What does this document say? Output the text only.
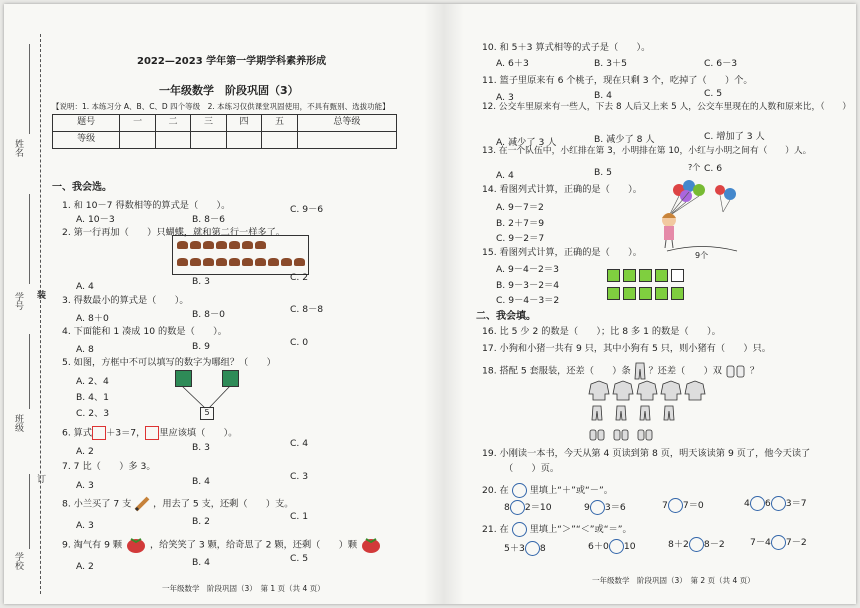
姓名
学号 装
班级
订
学校
2022—2023 学年第一学期学科素养形成
一年级数学　阶段巩固（3）
【说明：1. 本练习分 A、B、C、D 四个等级　2. 本练习仅供课堂巩固使用，不具有甄别、选拔功能】
题号	一	二	三	四	五	总等级
等级						
一、我会选。
1. 和 10－7 得数相等的算式是（　　）。
A. 10－3	B. 8－6
C. 9－6
2. 第一行再加（　　）只蝴蝶，就和第二行一样多了。
A. 4	B. 3	C. 2
3. 得数最小的算式是（　　）。
A. 8＋0	B. 8－0	C. 8－8
4. 下面能和 1 凑成 10 的数是（　　）。
A. 8	B. 9	C. 0
5. 如图，方框中不可以填写的数字为哪组？（　　）
A. 2、4
B. 4、1
C. 2、3	5
6. 算式 ＋3＝7， 里应该填（　　）。
A. 2	B. 3	C. 4
7. 7 比（　　）多 3。
A. 3	B. 4	C. 3
8. 小兰买了 7 支 ，用去了 5 支，还剩（　　）支。
A. 3	B. 2	C. 1
9. 淘气有 9 颗	，给笑笑了 3 颗，给奇思了 2 颗，还剩（　　）颗
A. 2	B. 4	C. 5
一年级数学　阶段巩固（3）　第 1 页（共 4 页）
10. 和 5＋3 算式相等的式子是（　　）。
A. 6＋3	B. 3＋5	C. 6－3
11. 篮子里原来有 6 个桃子，现在只剩 3 个，吃掉了（　　）个。
A. 3	B. 4	C. 5
12. 公交车里原来有一些人，下去 8 人后又上来 5 人，公交车里现在的人数和原来比，（　　）
A. 减少了 3 人	B. 减少了 8 人	C. 增加了 3 人
13. 在一个队伍中，小红排在第 3，小明排在第 10，小红与小明之间有（　　）人。
A. 4	B. 5	C. 6
14. 看图列式计算，正确的是（　　）。
A. 9－7＝2
B. 2＋7＝9
C. 9－2＝7
?个
9个
15. 看图列式计算，正确的是（　　）。
A. 9－4－2＝3
B. 9－3－2＝4
C. 9－4－3＝2
二、我会填。
16. 比 5 少 2 的数是（　　）；比 8 多 1 的数是（　　）。
17. 小狗和小猪一共有 9 只，其中小狗有 5 只，则小猪有（　　）只。
18. 搭配 5 套服装，还差（　　）条 ？还差（　　）双	？
19. 小刚读一本书，今天从第 4 页读到第 8 页，明天该读第 9 页了，他今天读了
（　　）页。
20. 在 里填上“＋”或“－”。
8 2＝10	9 3＝6	7 7＝0	4 6 3＝7
21. 在 里填上“＞”“＜”或“＝”。
5＋3 8	6＋0 10	8＋2 8－2	7－4 7－2
一年级数学　阶段巩固（3）　第 2 页（共 4 页）
